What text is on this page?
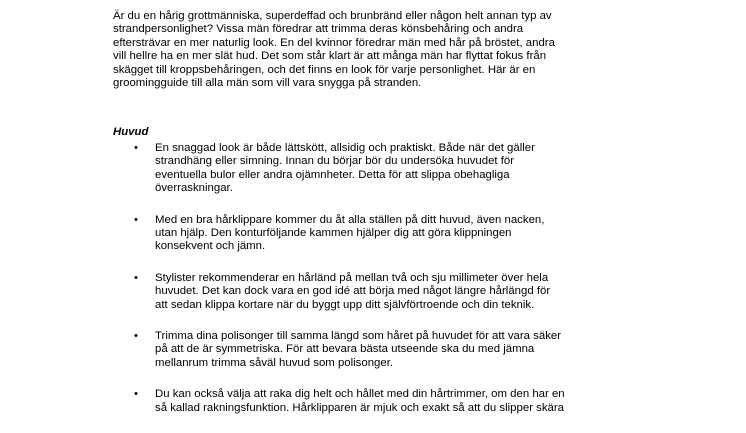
Är du en hårig grottmänniska, superdeffad och brunbränd eller någon helt annan typ av
strandpersonlighet? Vissa män föredrar att trimma deras könsbehåring och andra
eftersträvar en mer naturlig look. En del kvinnor föredrar män med hår på bröstet, andra
vill hellre ha en mer slät hud. Det som står klart är att många män har flyttat fokus från
skägget till kroppsbehåringen, och det finns en look för varje personlighet. Här är en
groomingguide till alla män som vill vara snygga på stranden.

Huvud
•	En snaggad look är både lättskött, allsidig och praktiskt. Både när det gäller
strandhäng eller simning. Innan du börjar bör du undersöka huvudet för
eventuella bulor eller andra ojämnheter. Detta för att slippa obehagliga
överraskningar.
•	Med en bra hårklippare kommer du åt alla ställen på ditt huvud, även nacken,
utan hjälp. Den konturföljande kammen hjälper dig att göra klippningen
konsekvent och jämn.
•	Stylister rekommenderar en hårländ på mellan två och sju millimeter över hela
huvudet. Det kan dock vara en god idé att börja med något längre hårlängd för
att sedan klippa kortare när du byggt upp ditt självförtroende och din teknik.
•	Trimma dina polisonger till samma längd som håret på huvudet för att vara säker
på att de är symmetriska. För att bevara bästa utseende ska du med jämna
mellanrum trimma såväl huvud som polisonger.
•	Du kan också välja att raka dig helt och hållet med din hårtrimmer, om den har en
så kallad rakningsfunktion. Hårklipparen är mjuk och exakt så att du slipper skära
